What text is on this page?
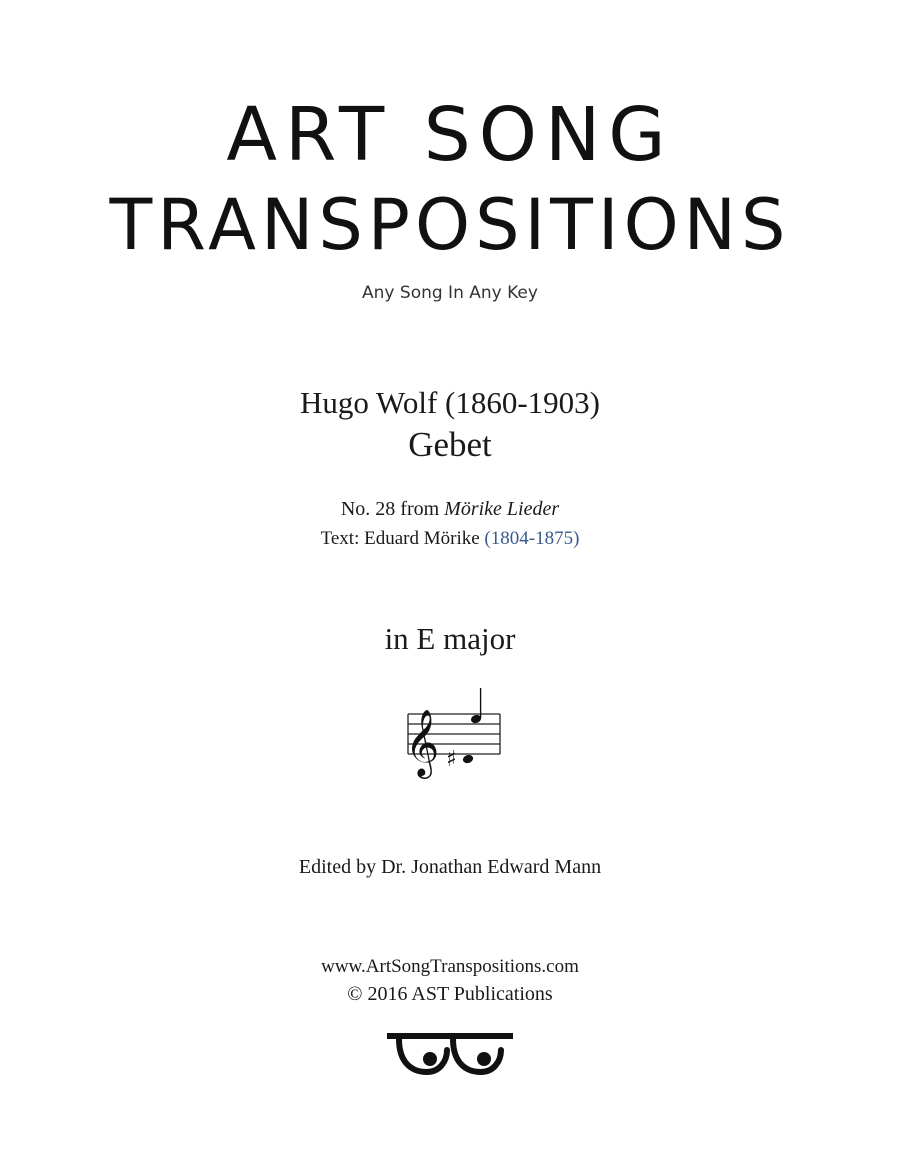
ART SONG
TRANSPOSITIONS
Any Song In Any Key
Hugo Wolf (1860-1903)
Gebet
No. 28 from Mörike Lieder
Text: Eduard Mörike (1804-1875)
in E major
𝄞 ♯
Edited by Dr. Jonathan Edward Mann
www.ArtSongTranspositions.com
© 2016 AST Publications
